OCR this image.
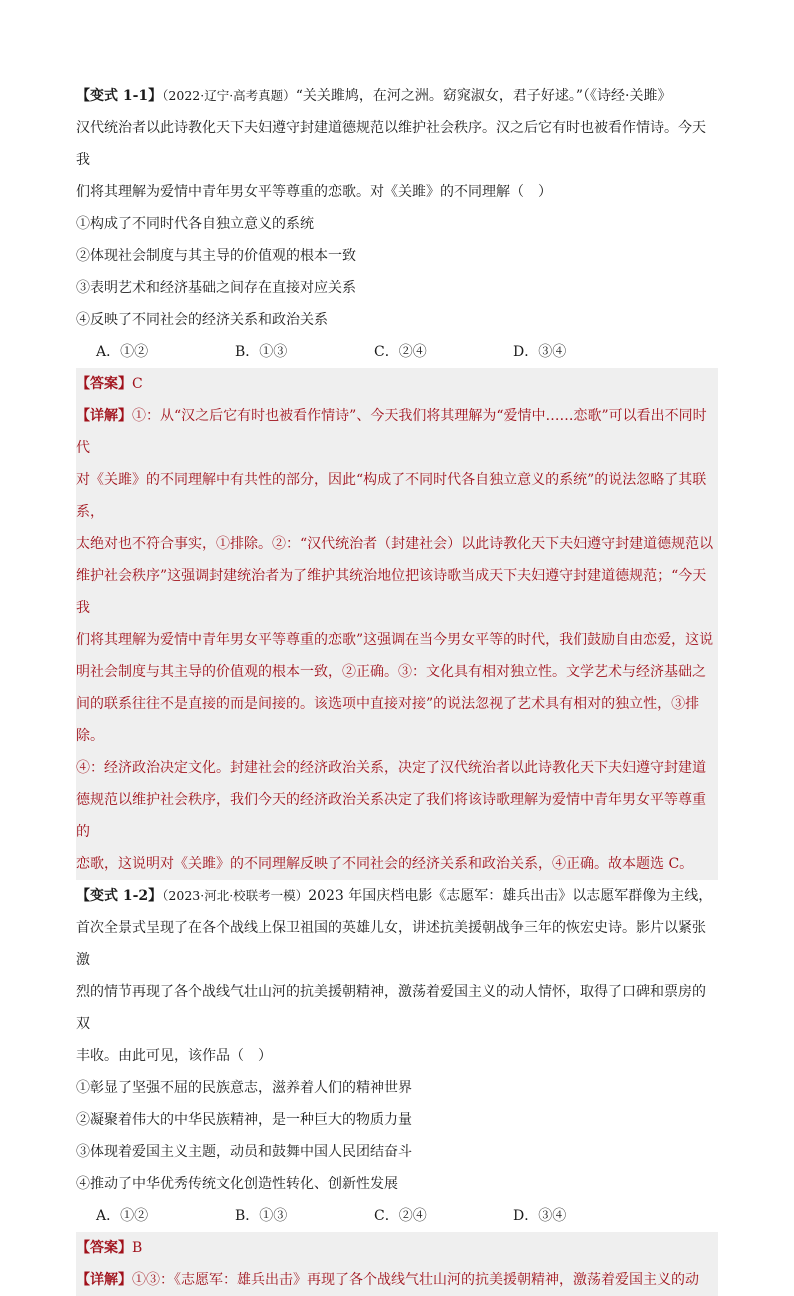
【变式 1-1】（2022·辽宁·高考真题）“关关雎鸠，在河之洲。窈窕淑女，君子好逑。”（《诗经·关雎》

汉代统治者以此诗教化天下夫妇遵守封建道德规范以维护社会秩序。汉之后它有时也被看作情诗。今天我

们将其理解为爱情中青年男女平等尊重的恋歌。对《关雎》的不同理解（　）

①构成了不同时代各自独立意义的系统

②体现社会制度与其主导的价值观的根本一致

③表明艺术和经济基础之间存在直接对应关系

④反映了不同社会的经济关系和政治关系

A．①②	B．①③	C．②④	D．③④

【答案】C

【详解】①：从“汉之后它有时也被看作情诗”、今天我们将其理解为“爱情中……恋歌”可以看出不同时代

对《关雎》的不同理解中有共性的部分，因此“构成了不同时代各自独立意义的系统”的说法忽略了其联系，

太绝对也不符合事实，①排除。②：“汉代统治者（封建社会）以此诗教化天下夫妇遵守封建道德规范以

维护社会秩序”这强调封建统治者为了维护其统治地位把该诗歌当成天下夫妇遵守封建道德规范；“今天我

们将其理解为爱情中青年男女平等尊重的恋歌”这强调在当今男女平等的时代，我们鼓励自由恋爱，这说

明社会制度与其主导的价值观的根本一致，②正确。③：文化具有相对独立性。文学艺术与经济基础之

间的联系往往不是直接的而是间接的。该选项中直接对接”的说法忽视了艺术具有相对的独立性，③排除。

④：经济政治决定文化。封建社会的经济政治关系，决定了汉代统治者以此诗教化天下夫妇遵守封建道

德规范以维护社会秩序，我们今天的经济政治关系决定了我们将该诗歌理解为爱情中青年男女平等尊重的

恋歌，这说明对《关雎》的不同理解反映了不同社会的经济关系和政治关系，④正确。故本题选 C。

【变式 1-2】（2023·河北·校联考一模）2023 年国庆档电影《志愿军：雄兵出击》以志愿军群像为主线，

首次全景式呈现了在各个战线上保卫祖国的英雄儿女，讲述抗美援朝战争三年的恢宏史诗。影片以紧张激

烈的情节再现了各个战线气壮山河的抗美援朝精神，激荡着爱国主义的动人情怀，取得了口碑和票房的双

丰收。由此可见，该作品（　）

①彰显了坚强不屈的民族意志，滋养着人们的精神世界

②凝聚着伟大的中华民族精神，是一种巨大的物质力量

③体现着爱国主义主题，动员和鼓舞中国人民团结奋斗

④推动了中华优秀传统文化创造性转化、创新性发展

A．①②	B．①③	C．②④	D．③④

【答案】B

【详解】①③：《志愿军：雄兵出击》再现了各个战线气壮山河的抗美援朝精神，激荡着爱国主义的动
